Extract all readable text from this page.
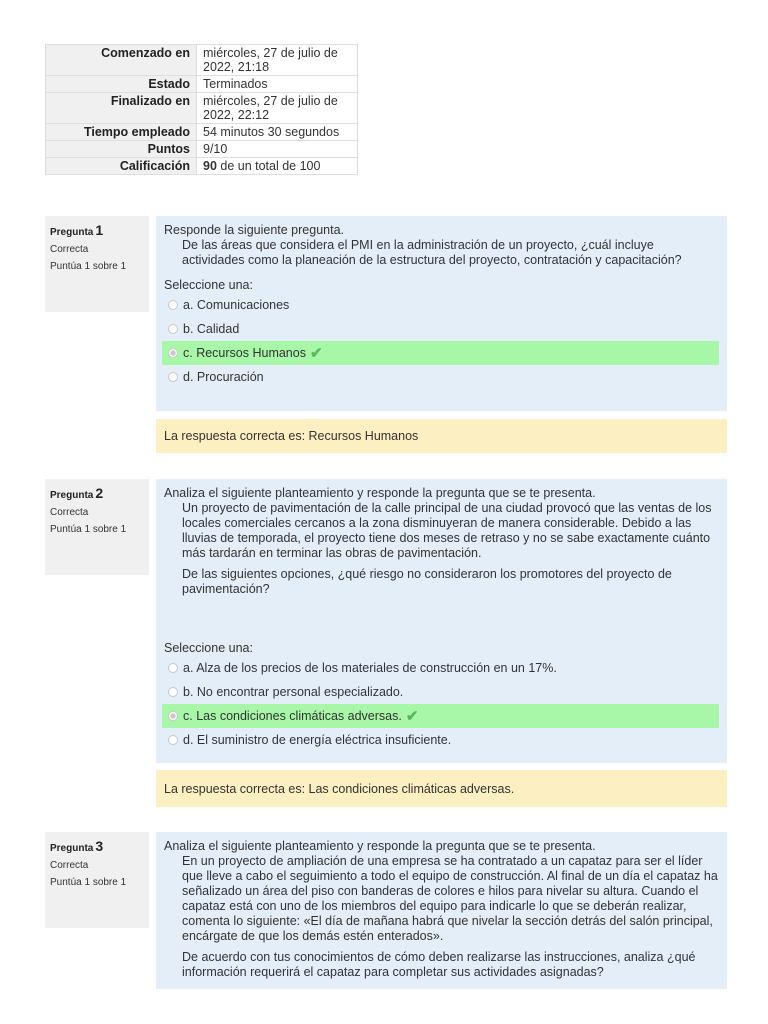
Comenzado en	miércoles, 27 de julio de 2022, 21:18
Estado	Terminados
Finalizado en	miércoles, 27 de julio de 2022, 22:12
Tiempo empleado	54 minutos 30 segundos
Puntos	9/10
Calificación	90 de un total de 100
Pregunta 1
Correcta
Puntúa 1 sobre 1
Responde la siguiente pregunta.
De las áreas que considera el PMI en la administración de un proyecto, ¿cuál incluye actividades como la planeación de la estructura del proyecto, contratación y capacitación?
Seleccione una:
a. Comunicaciones
b. Calidad
c. Recursos Humanos ✔
d. Procuración
La respuesta correcta es: Recursos Humanos
Pregunta 2
Correcta
Puntúa 1 sobre 1
Analiza el siguiente planteamiento y responde la pregunta que se te presenta.
Un proyecto de pavimentación de la calle principal de una ciudad provocó que las ventas de los locales comerciales cercanos a la zona disminuyeran de manera considerable. Debido a las lluvias de temporada, el proyecto tiene dos meses de retraso y no se sabe exactamente cuánto más tardarán en terminar las obras de pavimentación.
De las siguientes opciones, ¿qué riesgo no consideraron los promotores del proyecto de pavimentación?
Seleccione una:
a. Alza de los precios de los materiales de construcción en un 17%.
b. No encontrar personal especializado.
c. Las condiciones climáticas adversas. ✔
d. El suministro de energía eléctrica insuficiente.
La respuesta correcta es: Las condiciones climáticas adversas.
Pregunta 3
Correcta
Puntúa 1 sobre 1
Analiza el siguiente planteamiento y responde la pregunta que se te presenta.
En un proyecto de ampliación de una empresa se ha contratado a un capataz para ser el líder que lleve a cabo el seguimiento a todo el equipo de construcción. Al final de un día el capataz ha señalizado un área del piso con banderas de colores e hilos para nivelar su altura. Cuando el capataz está con uno de los miembros del equipo para indicarle lo que se deberán realizar, comenta lo siguiente: «El día de mañana habrá que nivelar la sección detrás del salón principal, encárgate de que los demás estén enterados».
De acuerdo con tus conocimientos de cómo deben realizarse las instrucciones, analiza ¿qué información requerirá el capataz para completar sus actividades asignadas?
